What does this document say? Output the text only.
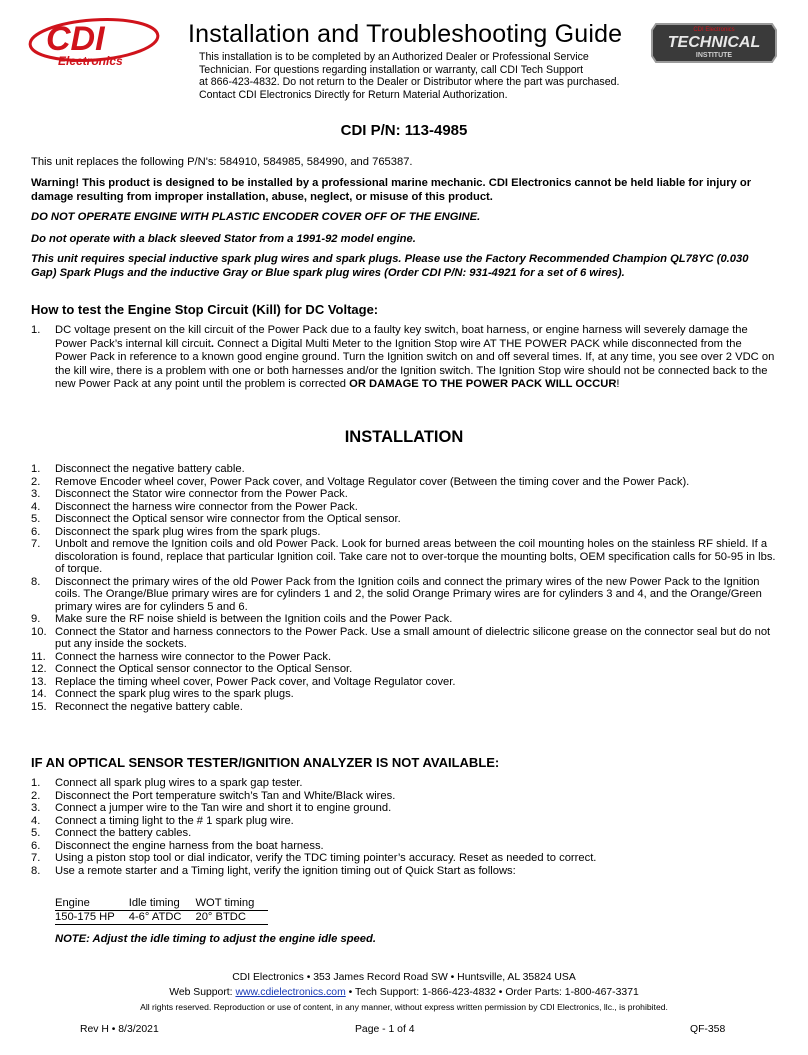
CDI
Electronics
CDI Electronics
TECHNICAL
INSTITUTE
Installation and Troubleshooting Guide
This installation is to be completed by an Authorized Dealer or Professional Service
Technician. For questions regarding installation or warranty, call CDI Tech Support
at 866-423-4832. Do not return to the Dealer or Distributor where the part was purchased.
Contact CDI Electronics Directly for Return Material Authorization.
CDI P/N: 113-4985
This unit replaces the following P/N's: 584910, 584985, 584990, and 765387.
Warning! This product is designed to be installed by a professional marine mechanic. CDI Electronics cannot be held liable for injury or damage resulting from improper installation, abuse, neglect, or misuse of this product.
DO NOT OPERATE ENGINE WITH PLASTIC ENCODER COVER OFF OF THE ENGINE.
Do not operate with a black sleeved Stator from a 1991-92 model engine.
This unit requires special inductive spark plug wires and spark plugs. Please use the Factory Recommended Champion QL78YC (0.030 Gap) Spark Plugs and the inductive Gray or Blue spark plug wires (Order CDI P/N: 931-4921 for a set of 6 wires).
How to test the Engine Stop Circuit (Kill) for DC Voltage:
1. DC voltage present on the kill circuit of the Power Pack due to a faulty key switch, boat harness, or engine harness will severely damage the Power Pack’s internal kill circuit. Connect a Digital Multi Meter to the Ignition Stop wire AT THE POWER PACK while disconnected from the Power Pack in reference to a known good engine ground. Turn the Ignition switch on and off several times. If, at any time, you see over 2 VDC on the kill wire, there is a problem with one or both harnesses and/or the Ignition switch. The Ignition Stop wire should not be connected back to the new Power Pack at any point until the problem is corrected OR DAMAGE TO THE POWER PACK WILL OCCUR!
INSTALLATION
1. Disconnect the negative battery cable.
2. Remove Encoder wheel cover, Power Pack cover, and Voltage Regulator cover (Between the timing cover and the Power Pack).
3. Disconnect the Stator wire connector from the Power Pack.
4. Disconnect the harness wire connector from the Power Pack.
5. Disconnect the Optical sensor wire connector from the Optical sensor.
6. Disconnect the spark plug wires from the spark plugs.
7. Unbolt and remove the Ignition coils and old Power Pack. Look for burned areas between the coil mounting holes on the stainless RF shield. If a discoloration is found, replace that particular Ignition coil. Take care not to over-torque the mounting bolts, OEM specification calls for 50-95 in lbs. of torque.
8. Disconnect the primary wires of the old Power Pack from the Ignition coils and connect the primary wires of the new Power Pack to the Ignition coils. The Orange/Blue primary wires are for cylinders 1 and 2, the solid Orange Primary wires are for cylinders 3 and 4, and the Orange/Green primary wires are for cylinders 5 and 6.
9. Make sure the RF noise shield is between the Ignition coils and the Power Pack.
10. Connect the Stator and harness connectors to the Power Pack. Use a small amount of dielectric silicone grease on the connector seal but do not put any inside the sockets.
11. Connect the harness wire connector to the Power Pack.
12. Connect the Optical sensor connector to the Optical Sensor.
13. Replace the timing wheel cover, Power Pack cover, and Voltage Regulator cover.
14. Connect the spark plug wires to the spark plugs.
15. Reconnect the negative battery cable.
IF AN OPTICAL SENSOR TESTER/IGNITION ANALYZER IS NOT AVAILABLE:
1. Connect all spark plug wires to a spark gap tester.
2. Disconnect the Port temperature switch’s Tan and White/Black wires.
3. Connect a jumper wire to the Tan wire and short it to engine ground.
4. Connect a timing light to the # 1 spark plug wire.
5. Connect the battery cables.
6. Disconnect the engine harness from the boat harness.
7. Using a piston stop tool or dial indicator, verify the TDC timing pointer’s accuracy. Reset as needed to correct.
8. Use a remote starter and a Timing light, verify the ignition timing out of Quick Start as follows:
Engine	Idle timing	WOT timing
150-175 HP	4-6° ATDC	20° BTDC
NOTE: Adjust the idle timing to adjust the engine idle speed.
CDI Electronics • 353 James Record Road SW • Huntsville, AL 35824 USA
Web Support: www.cdielectronics.com • Tech Support: 1-866-423-4832 • Order Parts: 1-800-467-3371
All rights reserved. Reproduction or use of content, in any manner, without express written permission by CDI Electronics, llc., is prohibited.
Rev H • 8/3/2021	Page - 1 of 4	QF-358
